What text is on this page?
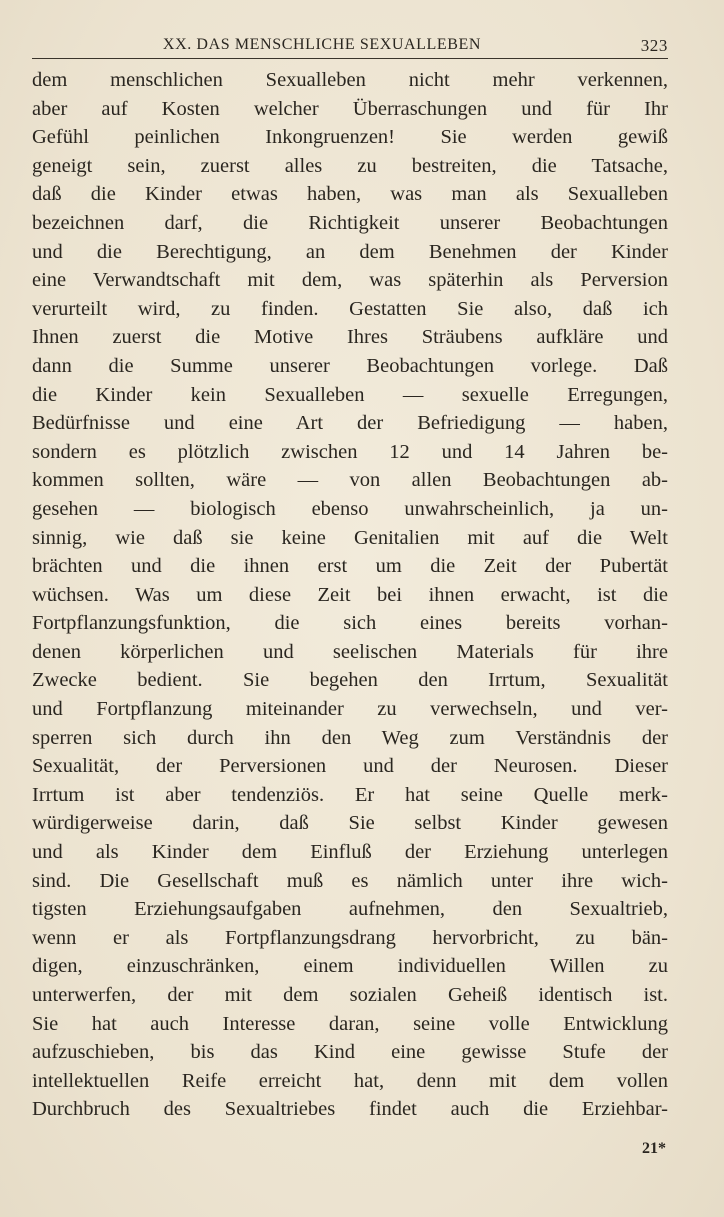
XX. DAS MENSCHLICHE SEXUALLEBEN	323
dem menschlichen Sexualleben nicht mehr verkennen,
aber auf Kosten welcher Überraschungen und für Ihr
Gefühl peinlichen Inkongruenzen! Sie werden gewiß
geneigt sein, zuerst alles zu bestreiten, die Tatsache,
daß die Kinder etwas haben, was man als Sexualleben
bezeichnen darf, die Richtigkeit unserer Beobachtungen
und die Berechtigung, an dem Benehmen der Kinder
eine Verwandtschaft mit dem, was späterhin als Perversion
verurteilt wird, zu finden. Gestatten Sie also, daß ich
Ihnen zuerst die Motive Ihres Sträubens aufkläre und
dann die Summe unserer Beobachtungen vorlege. Daß
die Kinder kein Sexualleben — sexuelle Erregungen,
Bedürfnisse und eine Art der Befriedigung — haben,
sondern es plötzlich zwischen 12 und 14 Jahren be-
kommen sollten, wäre — von allen Beobachtungen ab-
gesehen — biologisch ebenso unwahrscheinlich, ja un-
sinnig, wie daß sie keine Genitalien mit auf die Welt
brächten und die ihnen erst um die Zeit der Pubertät
wüchsen. Was um diese Zeit bei ihnen erwacht, ist die
Fortpflanzungsfunktion, die sich eines bereits vorhan-
denen körperlichen und seelischen Materials für ihre
Zwecke bedient. Sie begehen den Irrtum, Sexualität
und Fortpflanzung miteinander zu verwechseln, und ver-
sperren sich durch ihn den Weg zum Verständnis der
Sexualität, der Perversionen und der Neurosen. Dieser
Irrtum ist aber tendenziös. Er hat seine Quelle merk-
würdigerweise darin, daß Sie selbst Kinder gewesen
und als Kinder dem Einfluß der Erziehung unterlegen
sind. Die Gesellschaft muß es nämlich unter ihre wich-
tigsten Erziehungsaufgaben aufnehmen, den Sexualtrieb,
wenn er als Fortpflanzungsdrang hervorbricht, zu bän-
digen, einzuschränken, einem individuellen Willen zu
unterwerfen, der mit dem sozialen Geheiß identisch ist.
Sie hat auch Interesse daran, seine volle Entwicklung
aufzuschieben, bis das Kind eine gewisse Stufe der
intellektuellen Reife erreicht hat, denn mit dem vollen
Durchbruch des Sexualtriebes findet auch die Erziehbar-
21*
